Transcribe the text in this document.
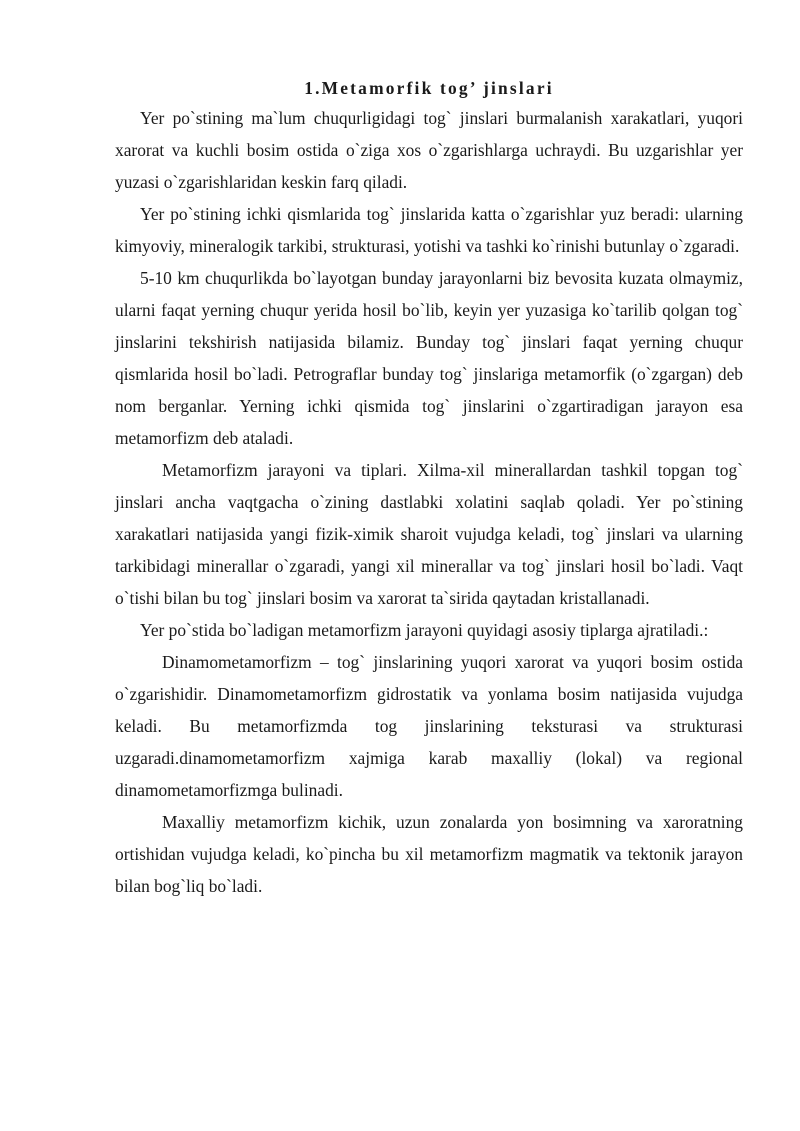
1.Metamorfik tog’ jinslari

Yer po`stining ma`lum chuqurligidagi tog` jinslari burmalanish xarakatlari, yuqori xarorat va kuchli bosim ostida o`ziga xos o`zgarishlarga uchraydi. Bu uzgarishlar yer yuzasi o`zgarishlaridan keskin farq qiladi.

Yer po`stining ichki qismlarida tog` jinslarida katta o`zgarishlar yuz beradi: ularning kimyoviy, mineralogik tarkibi, strukturasi, yotishi va tashki ko`rinishi butunlay o`zgaradi.

5-10 km chuqurlikda bo`layotgan bunday jarayonlarni biz bevosita kuzata olmaymiz, ularni faqat yerning chuqur yerida hosil bo`lib, keyin yer yuzasiga ko`tarilib qolgan tog` jinslarini tekshirish natijasida bilamiz. Bunday tog` jinslari faqat yerning chuqur qismlarida hosil bo`ladi. Petrograflar bunday tog` jinslariga metamorfik (o`zgargan) deb nom berganlar. Yerning ichki qismida tog` jinslarini o`zgartiradigan jarayon esa metamorfizm deb ataladi.

Metamorfizm jarayoni va tiplari. Xilma-xil minerallardan tashkil topgan tog` jinslari ancha vaqtgacha o`zining dastlabki xolatini saqlab qoladi. Yer po`stining xarakatlari natijasida yangi fizik-ximik sharoit vujudga keladi, tog` jinslari va ularning tarkibidagi minerallar o`zgaradi, yangi xil minerallar va tog` jinslari hosil bo`ladi. Vaqt o`tishi bilan bu tog` jinslari bosim va xarorat ta`sirida qaytadan kristallanadi.

Yer po`stida bo`ladigan metamorfizm jarayoni quyidagi asosiy tiplarga ajratiladi.:

Dinamometamorfizm – tog` jinslarining yuqori xarorat va yuqori bosim ostida o`zgarishidir. Dinamometamorfizm gidrostatik va yonlama bosim natijasida vujudga keladi. Bu metamorfizmda tog jinslarining teksturasi va strukturasi uzgaradi.dinamometamorfizm xajmiga karab maxalliy (lokal) va regional dinamometamorfizmga bulinadi.

Maxalliy metamorfizm kichik, uzun zonalarda yon bosimning va xaroratning ortishidan vujudga keladi, ko`pincha bu xil metamorfizm magmatik va tektonik jarayon bilan bog`liq bo`ladi.
